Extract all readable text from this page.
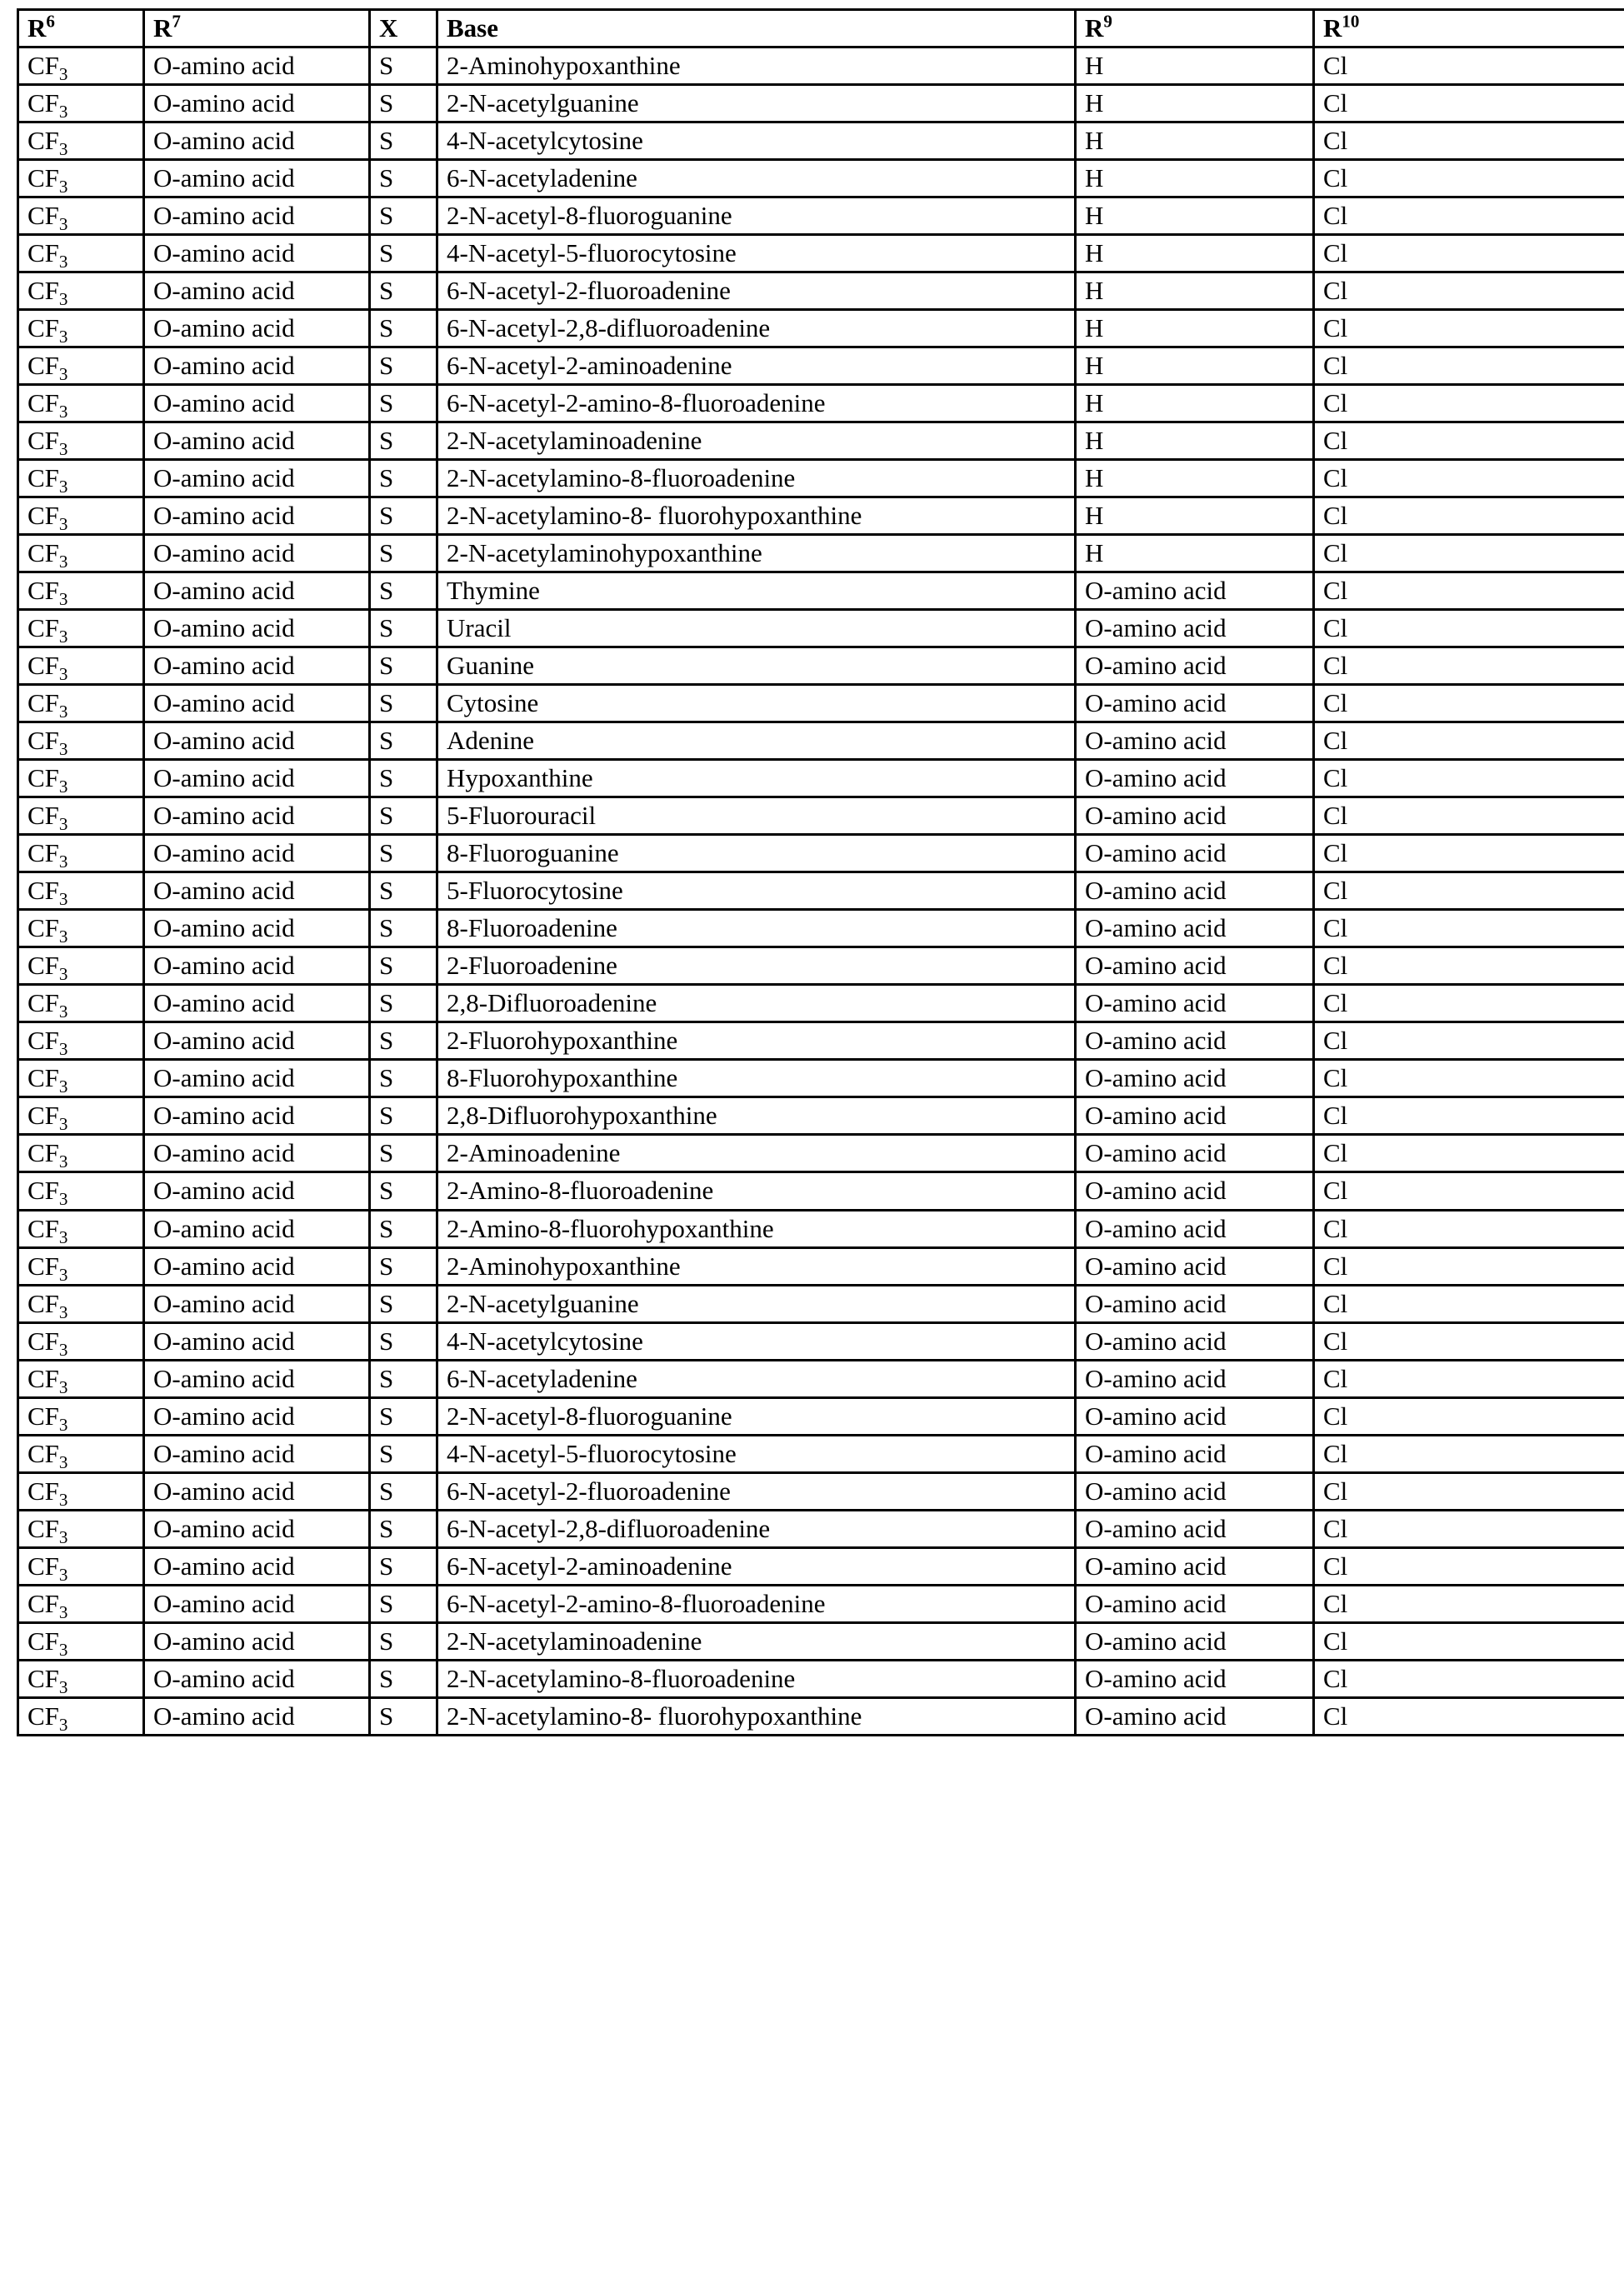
$R^6$	$R^7$	X	Base	$R^9$	$R^{10}$
$CF_3$	O-amino acid	S	2-Aminohypoxanthine	H	Cl
$CF_3$	O-amino acid	S	2-N-acetylguanine	H	Cl
$CF_3$	O-amino acid	S	4-N-acetylcytosine	H	Cl
$CF_3$	O-amino acid	S	6-N-acetyladenine	H	Cl
$CF_3$	O-amino acid	S	2-N-acetyl-8-fluoroguanine	H	Cl
$CF_3$	O-amino acid	S	4-N-acetyl-5-fluorocytosine	H	Cl
$CF_3$	O-amino acid	S	6-N-acetyl-2-fluoroadenine	H	Cl
$CF_3$	O-amino acid	S	6-N-acetyl-2,8-difluoroadenine	H	Cl
$CF_3$	O-amino acid	S	6-N-acetyl-2-aminoadenine	H	Cl
$CF_3$	O-amino acid	S	6-N-acetyl-2-amino-8-fluoroadenine	H	Cl
$CF_3$	O-amino acid	S	2-N-acetylaminoadenine	H	Cl
$CF_3$	O-amino acid	S	2-N-acetylamino-8-fluoroadenine	H	Cl
$CF_3$	O-amino acid	S	2-N-acetylamino-8- fluorohypoxanthine	H	Cl
$CF_3$	O-amino acid	S	2-N-acetylaminohypoxanthine	H	Cl
$CF_3$	O-amino acid	S	Thymine	O-amino acid	Cl
$CF_3$	O-amino acid	S	Uracil	O-amino acid	Cl
$CF_3$	O-amino acid	S	Guanine	O-amino acid	Cl
$CF_3$	O-amino acid	S	Cytosine	O-amino acid	Cl
$CF_3$	O-amino acid	S	Adenine	O-amino acid	Cl
$CF_3$	O-amino acid	S	Hypoxanthine	O-amino acid	Cl
$CF_3$	O-amino acid	S	5-Fluorouracil	O-amino acid	Cl
$CF_3$	O-amino acid	S	8-Fluoroguanine	O-amino acid	Cl
$CF_3$	O-amino acid	S	5-Fluorocytosine	O-amino acid	Cl
$CF_3$	O-amino acid	S	8-Fluoroadenine	O-amino acid	Cl
$CF_3$	O-amino acid	S	2-Fluoroadenine	O-amino acid	Cl
$CF_3$	O-amino acid	S	2,8-Difluoroadenine	O-amino acid	Cl
$CF_3$	O-amino acid	S	2-Fluorohypoxanthine	O-amino acid	Cl
$CF_3$	O-amino acid	S	8-Fluorohypoxanthine	O-amino acid	Cl
$CF_3$	O-amino acid	S	2,8-Difluorohypoxanthine	O-amino acid	Cl
$CF_3$	O-amino acid	S	2-Aminoadenine	O-amino acid	Cl
$CF_3$	O-amino acid	S	2-Amino-8-fluoroadenine	O-amino acid	Cl
$CF_3$	O-amino acid	S	2-Amino-8-fluorohypoxanthine	O-amino acid	Cl
$CF_3$	O-amino acid	S	2-Aminohypoxanthine	O-amino acid	Cl
$CF_3$	O-amino acid	S	2-N-acetylguanine	O-amino acid	Cl
$CF_3$	O-amino acid	S	4-N-acetylcytosine	O-amino acid	Cl
$CF_3$	O-amino acid	S	6-N-acetyladenine	O-amino acid	Cl
$CF_3$	O-amino acid	S	2-N-acetyl-8-fluoroguanine	O-amino acid	Cl
$CF_3$	O-amino acid	S	4-N-acetyl-5-fluorocytosine	O-amino acid	Cl
$CF_3$	O-amino acid	S	6-N-acetyl-2-fluoroadenine	O-amino acid	Cl
$CF_3$	O-amino acid	S	6-N-acetyl-2,8-difluoroadenine	O-amino acid	Cl
$CF_3$	O-amino acid	S	6-N-acetyl-2-aminoadenine	O-amino acid	Cl
$CF_3$	O-amino acid	S	6-N-acetyl-2-amino-8-fluoroadenine	O-amino acid	Cl
$CF_3$	O-amino acid	S	2-N-acetylaminoadenine	O-amino acid	Cl
$CF_3$	O-amino acid	S	2-N-acetylamino-8-fluoroadenine	O-amino acid	Cl
$CF_3$	O-amino acid	S	2-N-acetylamino-8- fluorohypoxanthine	O-amino acid	Cl
